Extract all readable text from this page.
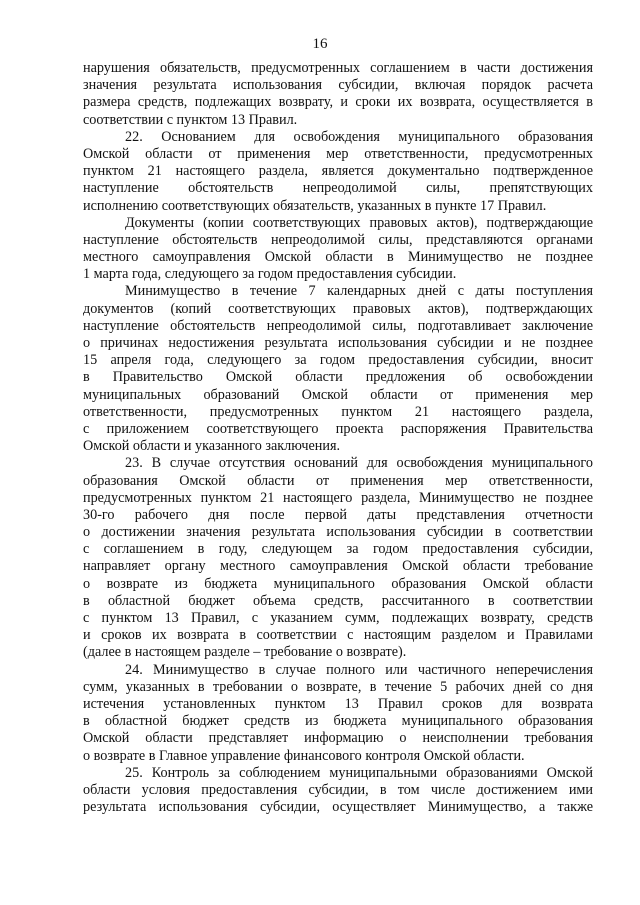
16
нарушения обязательств, предусмотренных соглашением в части достижения
значения результата использования субсидии, включая порядок расчета
размера средств, подлежащих возврату, и сроки их возврата, осуществляется в
соответствии с пунктом 13 Правил.
22. Основанием для освобождения муниципального образования
Омской области от применения мер ответственности, предусмотренных
пунктом 21 настоящего раздела, является документально подтвержденное
наступление обстоятельств непреодолимой силы, препятствующих
исполнению соответствующих обязательств, указанных в пункте 17 Правил.
Документы (копии соответствующих правовых актов), подтверждающие
наступление обстоятельств непреодолимой силы, представляются органами
местного самоуправления Омской области в Минимущество не позднее
1 марта года, следующего за годом предоставления субсидии.
Минимущество в течение 7 календарных дней с даты поступления
документов (копий соответствующих правовых актов), подтверждающих
наступление обстоятельств непреодолимой силы, подготавливает заключение
о причинах недостижения результата использования субсидии и не позднее
15 апреля года, следующего за годом предоставления субсидии, вносит
в Правительство Омской области предложения об освобождении
муниципальных образований Омской области от применения мер
ответственности, предусмотренных пунктом 21 настоящего раздела,
с приложением соответствующего проекта распоряжения Правительства
Омской области и указанного заключения.
23. В случае отсутствия оснований для освобождения муниципального
образования Омской области от применения мер ответственности,
предусмотренных пунктом 21 настоящего раздела, Минимущество не позднее
30-го рабочего дня после первой даты представления отчетности
о достижении значения результата использования субсидии в соответствии
с соглашением в году, следующем за годом предоставления субсидии,
направляет органу местного самоуправления Омской области требование
о возврате из бюджета муниципального образования Омской области
в областной бюджет объема средств, рассчитанного в соответствии
с пунктом 13 Правил, с указанием сумм, подлежащих возврату, средств
и сроков их возврата в соответствии с настоящим разделом и Правилами
(далее в настоящем разделе – требование о возврате).
24. Минимущество в случае полного или частичного неперечисления
сумм, указанных в требовании о возврате, в течение 5 рабочих дней со дня
истечения установленных пунктом 13 Правил сроков для возврата
в областной бюджет средств из бюджета муниципального образования
Омской области представляет информацию о неисполнении требования
о возврате в Главное управление финансового контроля Омской области.
25. Контроль за соблюдением муниципальными образованиями Омской
области условия предоставления субсидии, в том числе достижением ими
результата использования субсидии, осуществляет Минимущество, а также
